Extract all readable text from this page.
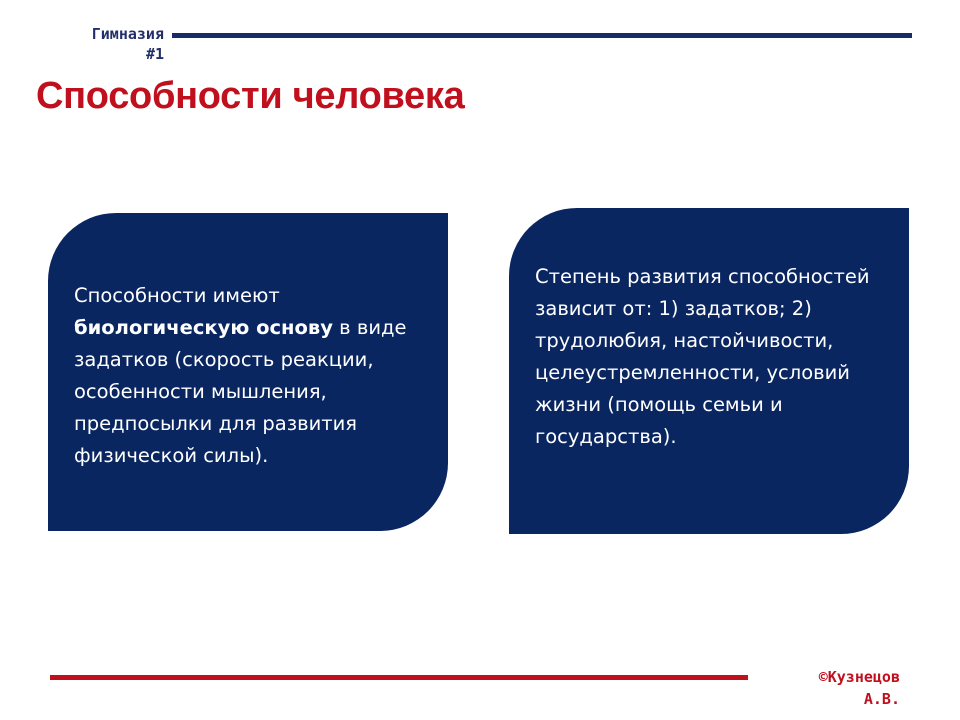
Гимназия
#1
Способности человека

Способности имеют биологическую основу в виде задатков (скорость реакции, особенности мышления, предпосылки для развития физической силы).

Степень развития способностей зависит от: 1) задатков; 2) трудолюбия, настойчивости, целеустремленности, условий жизни (помощь семьи и государства).

©Кузнецов
А.В.
